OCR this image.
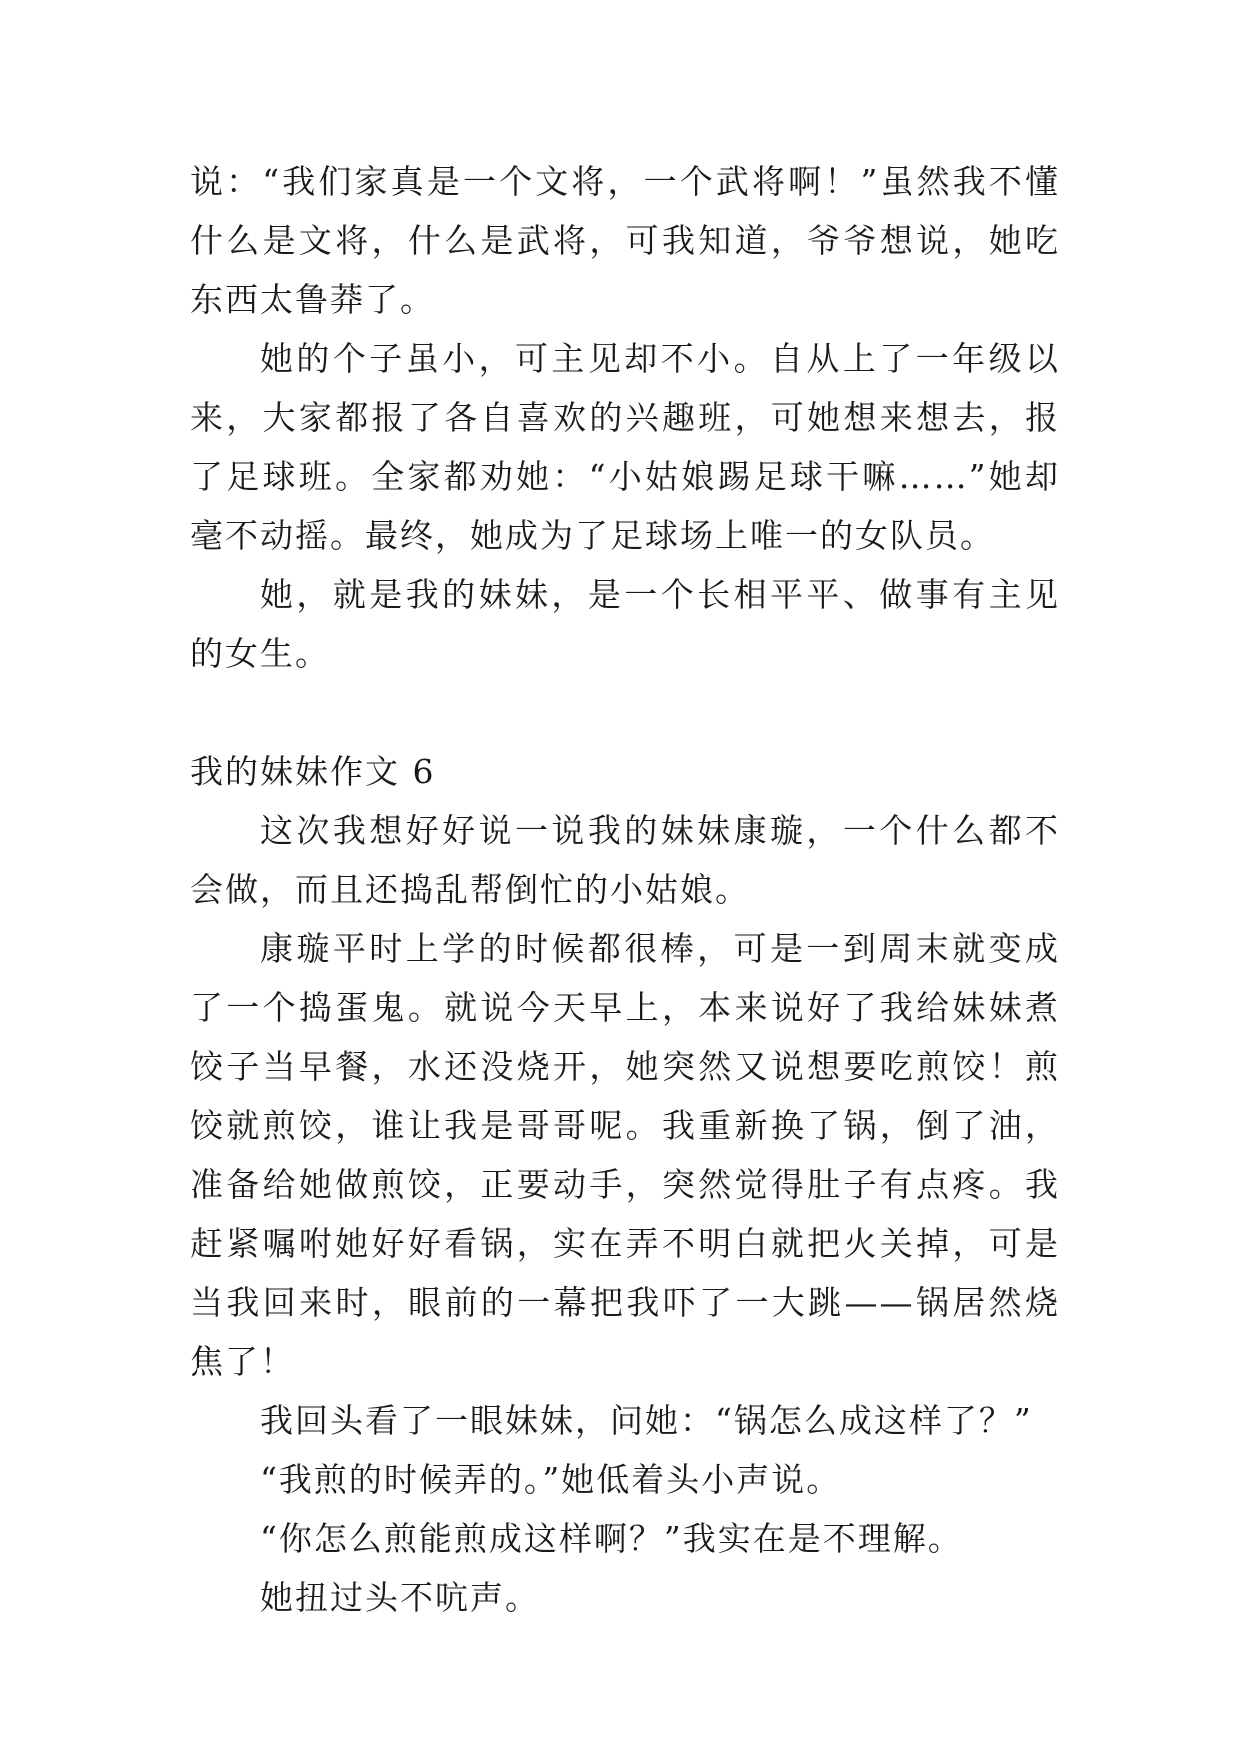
说：“我们家真是一个文将，一个武将啊！”虽然我不懂什么是文将，什么是武将，可我知道，爷爷想说，她吃东西太鲁莽了。

她的个子虽小，可主见却不小。自从上了一年级以来，大家都报了各自喜欢的兴趣班，可她想来想去，报了足球班。全家都劝她：“小姑娘踢足球干嘛……”她却毫不动摇。最终，她成为了足球场上唯一的女队员。

她，就是我的妹妹，是一个长相平平、做事有主见的女生。

我的妹妹作文 6

这次我想好好说一说我的妹妹康璇，一个什么都不会做，而且还捣乱帮倒忙的小姑娘。

康璇平时上学的时候都很棒，可是一到周末就变成了一个捣蛋鬼。就说今天早上，本来说好了我给妹妹煮饺子当早餐，水还没烧开，她突然又说想要吃煎饺！煎饺就煎饺，谁让我是哥哥呢。我重新换了锅，倒了油，准备给她做煎饺，正要动手，突然觉得肚子有点疼。我赶紧嘱咐她好好看锅，实在弄不明白就把火关掉，可是当我回来时，眼前的一幕把我吓了一大跳——锅居然烧焦了！

我回头看了一眼妹妹，问她：“锅怎么成这样了？”

“我煎的时候弄的。”她低着头小声说。

“你怎么煎能煎成这样啊？”我实在是不理解。

她扭过头不吭声。
